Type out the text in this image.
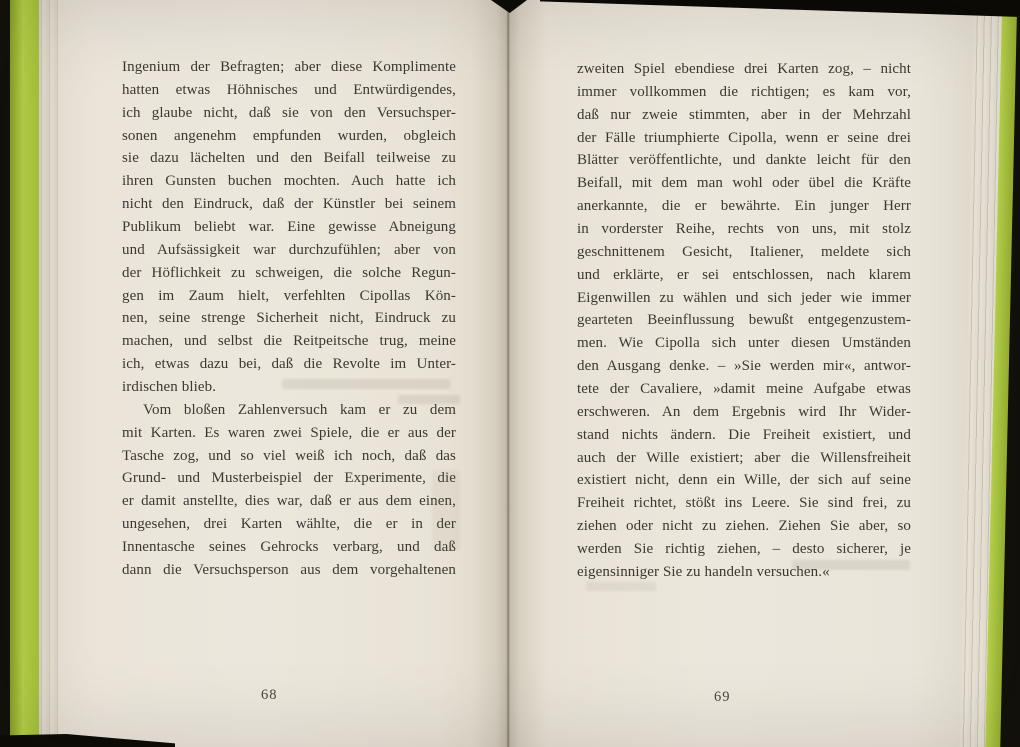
Ingenium der Befragten; aber diese Komplimente
hatten etwas Höhnisches und Entwürdigendes,
ich glaube nicht, daß sie von den Versuchsper-
sonen angenehm empfunden wurden, obgleich
sie dazu lächelten und den Beifall teilweise zu
ihren Gunsten buchen mochten. Auch hatte ich
nicht den Eindruck, daß der Künstler bei seinem
Publikum beliebt war. Eine gewisse Abneigung
und Aufsässigkeit war durchzufühlen; aber von
der Höflichkeit zu schweigen, die solche Regun-
gen im Zaum hielt, verfehlten Cipollas Kön-
nen, seine strenge Sicherheit nicht, Eindruck zu
machen, und selbst die Reitpeitsche trug, meine
ich, etwas dazu bei, daß die Revolte im Unter-
irdischen blieb.
Vom bloßen Zahlenversuch kam er zu dem
mit Karten. Es waren zwei Spiele, die er aus der
Tasche zog, und so viel weiß ich noch, daß das
Grund- und Musterbeispiel der Experimente, die
er damit anstellte, dies war, daß er aus dem einen,
ungesehen, drei Karten wählte, die er in der
Innentasche seines Gehrocks verbarg, und daß
dann die Versuchsperson aus dem vorgehaltenen
zweiten Spiel ebendiese drei Karten zog, – nicht
immer vollkommen die richtigen; es kam vor,
daß nur zweie stimmten, aber in der Mehrzahl
der Fälle triumphierte Cipolla, wenn er seine drei
Blätter veröffentlichte, und dankte leicht für den
Beifall, mit dem man wohl oder übel die Kräfte
anerkannte, die er bewährte. Ein junger Herr
in vorderster Reihe, rechts von uns, mit stolz
geschnittenem Gesicht, Italiener, meldete sich
und erklärte, er sei entschlossen, nach klarem
Eigenwillen zu wählen und sich jeder wie immer
gearteten Beeinflussung bewußt entgegenzustem-
men. Wie Cipolla sich unter diesen Umständen
den Ausgang denke. – »Sie werden mir«, antwor-
tete der Cavaliere, »damit meine Aufgabe etwas
erschweren. An dem Ergebnis wird Ihr Wider-
stand nichts ändern. Die Freiheit existiert, und
auch der Wille existiert; aber die Willensfreiheit
existiert nicht, denn ein Wille, der sich auf seine
Freiheit richtet, stößt ins Leere. Sie sind frei, zu
ziehen oder nicht zu ziehen. Ziehen Sie aber, so
werden Sie richtig ziehen, – desto sicherer, je
eigensinniger Sie zu handeln versuchen.«
68	69
